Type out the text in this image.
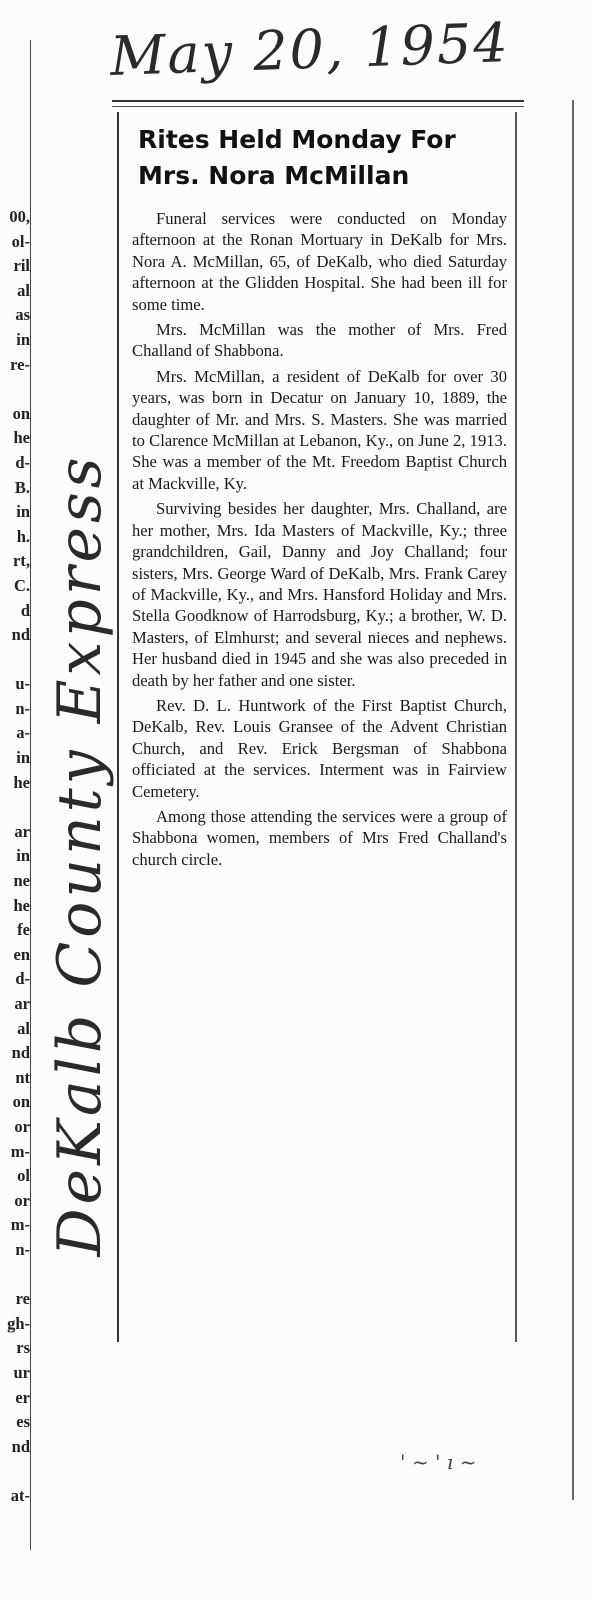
May 20, 1954
DeKalb County Express
00,
ol-
ril
al
as
in
re-
on
he
d-
B.
in
h.
rt,
C.
d
nd
u-
n-
a-
in
he
ar
in
ne
he
fe
en
d-
ar
al
nd
nt
on
or
m-
ol
or
m-
n-
re
gh-
rs
ur
er
es
nd
at-
Rites Held Monday For Mrs. Nora McMillan

Funeral services were conducted on Monday afternoon at the Ronan Mortuary in DeKalb for Mrs. Nora A. McMillan, 65, of DeKalb, who died Saturday afternoon at the Glidden Hospital. She had been ill for some time.

Mrs. McMillan was the mother of Mrs. Fred Challand of Shabbona.

Mrs. McMillan, a resident of DeKalb for over 30 years, was born in Decatur on January 10, 1889, the daughter of Mr. and Mrs. S. Masters. She was married to Clarence McMillan at Lebanon, Ky., on June 2, 1913. She was a member of the Mt. Freedom Baptist Church at Mackville, Ky.

Surviving besides her daughter, Mrs. Challand, are her mother, Mrs. Ida Masters of Mackville, Ky.; three grandchildren, Gail, Danny and Joy Challand; four sisters, Mrs. George Ward of DeKalb, Mrs. Frank Carey of Mackville, Ky., and Mrs. Hansford Holiday and Mrs. Stella Goodknow of Harrodsburg, Ky.; a brother, W. D. Masters, of Elmhurst; and several nieces and nephews. Her husband died in 1945 and she was also preceded in death by her father and one sister.

Rev. D. L. Huntwork of the First Baptist Church, DeKalb, Rev. Louis Gransee of the Advent Christian Church, and Rev. Erick Bergsman of Shabbona officiated at the services. Interment was in Fairview Cemetery.

Among those attending the services were a group of Shabbona women, members of Mrs Fred Challand's church circle.

' ~ ' ı ~
